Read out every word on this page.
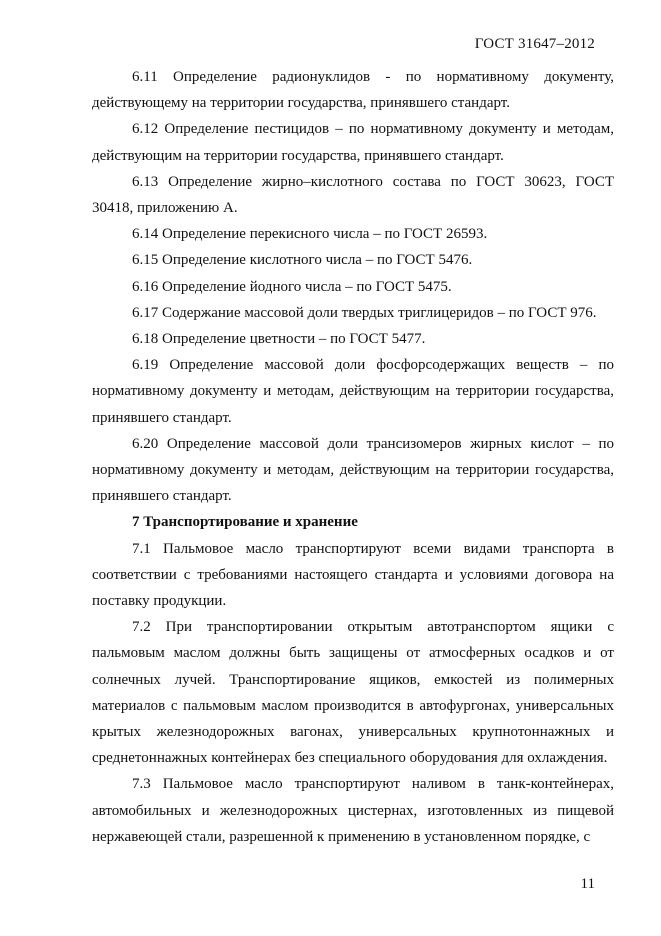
ГОСТ 31647–2012

6.11 Определение радионуклидов - по нормативному документу, действующему на территории государства, принявшего стандарт.

6.12 Определение пестицидов – по нормативному документу и методам, действующим на территории государства, принявшего стандарт.

6.13 Определение жирно–кислотного состава по ГОСТ 30623, ГОСТ 30418, приложению А.

6.14 Определение перекисного числа – по ГОСТ 26593.

6.15 Определение кислотного числа – по ГОСТ 5476.

6.16 Определение йодного числа – по ГОСТ 5475.

6.17 Содержание массовой доли твердых триглицеридов – по ГОСТ 976.

6.18 Определение цветности – по ГОСТ 5477.

6.19 Определение массовой доли фосфорсодержащих веществ – по нормативному документу и методам, действующим на территории государства, принявшего стандарт.

6.20 Определение массовой доли трансизомеров жирных кислот – по нормативному документу и методам, действующим на территории государства, принявшего стандарт.

7 Транспортирование и хранение

7.1 Пальмовое масло транспортируют всеми видами транспорта в соответствии с требованиями настоящего стандарта и условиями договора на поставку продукции.

7.2 При транспортировании открытым автотранспортом ящики с пальмовым маслом должны быть защищены от атмосферных осадков и от солнечных лучей. Транспортирование ящиков, емкостей из полимерных материалов с пальмовым маслом производится в автофургонах, универсальных крытых железнодорожных вагонах, универсальных крупнотоннажных и среднетоннажных контейнерах без специального оборудования для охлаждения.

7.3 Пальмовое масло транспортируют наливом в танк-контейнерах, автомобильных и железнодорожных цистернах, изготовленных из пищевой нержавеющей стали, разрешенной к применению в установленном порядке, с

11
